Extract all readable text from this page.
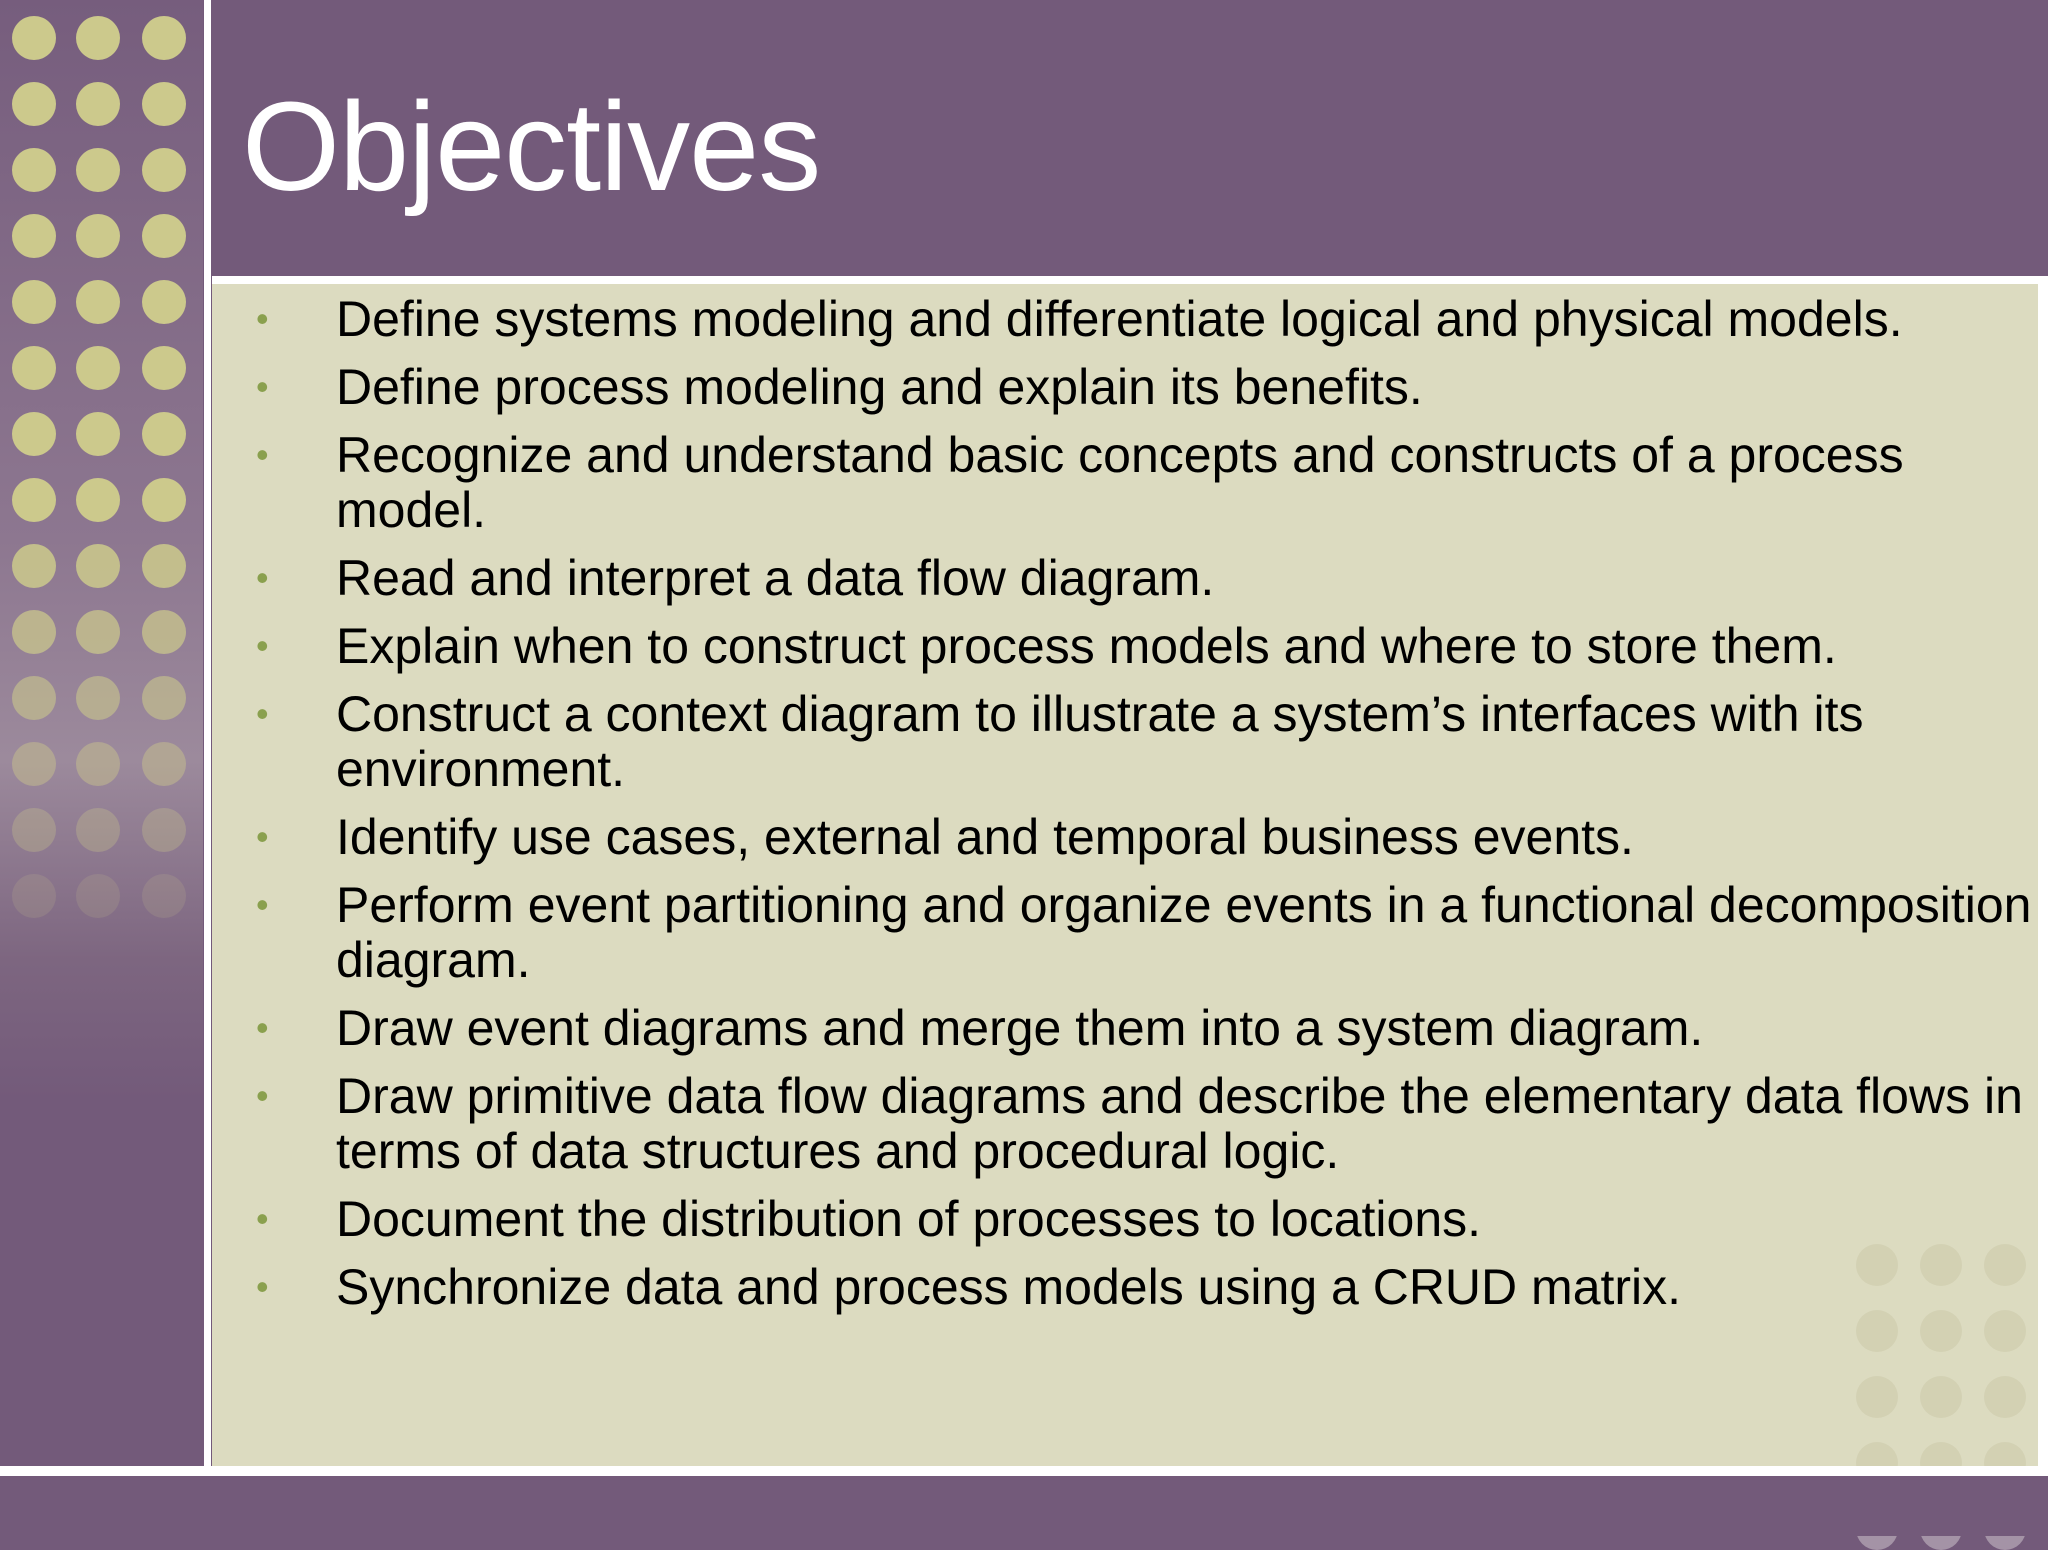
Objectives
• Define systems modeling and differentiate logical and physical models.
• Define process modeling and explain its benefits.
• Recognize and understand basic concepts and constructs of a process model.
• Read and interpret a data flow diagram.
• Explain when to construct process models and where to store them.
• Construct a context diagram to illustrate a system’s interfaces with its environment.
• Identify use cases, external and temporal business events.
• Perform event partitioning and organize events in a functional decomposition diagram.
• Draw event diagrams and merge them into a system diagram.
• Draw primitive data flow diagrams and describe the elementary data flows in terms of data structures and procedural logic.
• Document the distribution of processes to locations.
• Synchronize data and process models using a CRUD matrix.
